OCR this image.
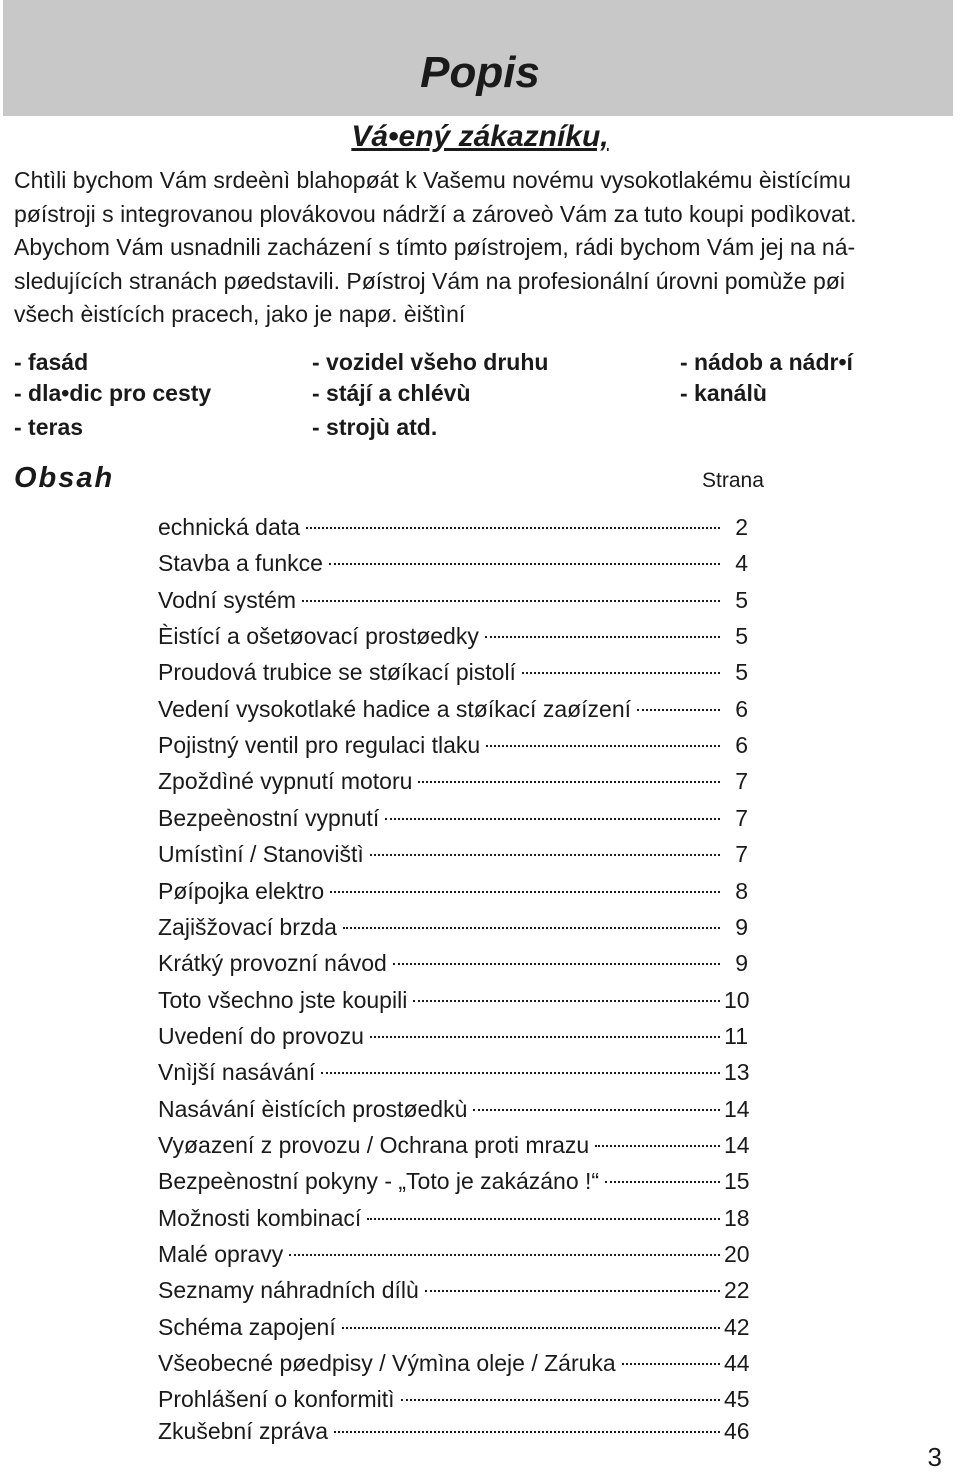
Popis
Vá•ený zákazníku,

Chtìli bychom Vám srdeènì blahopøát k Vašemu novému vysokotlakému èistícímu
pøístroji s integrovanou plovákovou nádrží a zároveò Vám za tuto koupi podìkovat.

Abychom Vám usnadnili zacházení s tímto pøístrojem, rádi bychom Vám jej na ná-
sledujících stranách pøedstavili. Pøístroj Vám na profesionální úrovni pomùže pøi
všech èistících pracech, jako je napø. èištìní

- fasád
- dla•dic pro cesty
- teras
- vozidel všeho druhu
- stájí a chlévù
- strojù atd.
- nádob a nádr•í
- kanálù
Obsah	Strana
echnická data	2
Stavba a funkce	4
Vodní systém	5
Èistící a ošetøovací prostøedky	5
Proudová trubice se støíkací pistolí	5
Vedení vysokotlaké hadice a støíkací zaøízení	6
Pojistný ventil pro regulaci tlaku	6
Zpoždìné vypnutí motoru	7
Bezpeènostní vypnutí	7
Umístìní / Stanovištì	7
Pøípojka elektro	8
Zajišžovací brzda	9
Krátký provozní návod	9
Toto všechno jste koupili	10
Uvedení do provozu	11
Vnìjší nasávání	13
Nasávání èistících prostøedkù	14
Vyøazení z provozu / Ochrana proti mrazu	14
Bezpeènostní pokyny - „Toto je zakázáno !“	15
Možnosti kombinací	18
Malé opravy	20
Seznamy náhradních dílù	22
Schéma zapojení	42
Všeobecné pøedpisy / Výmìna oleje / Záruka	44
Prohlášení o konformitì	45
Zkušební zpráva	46
3
